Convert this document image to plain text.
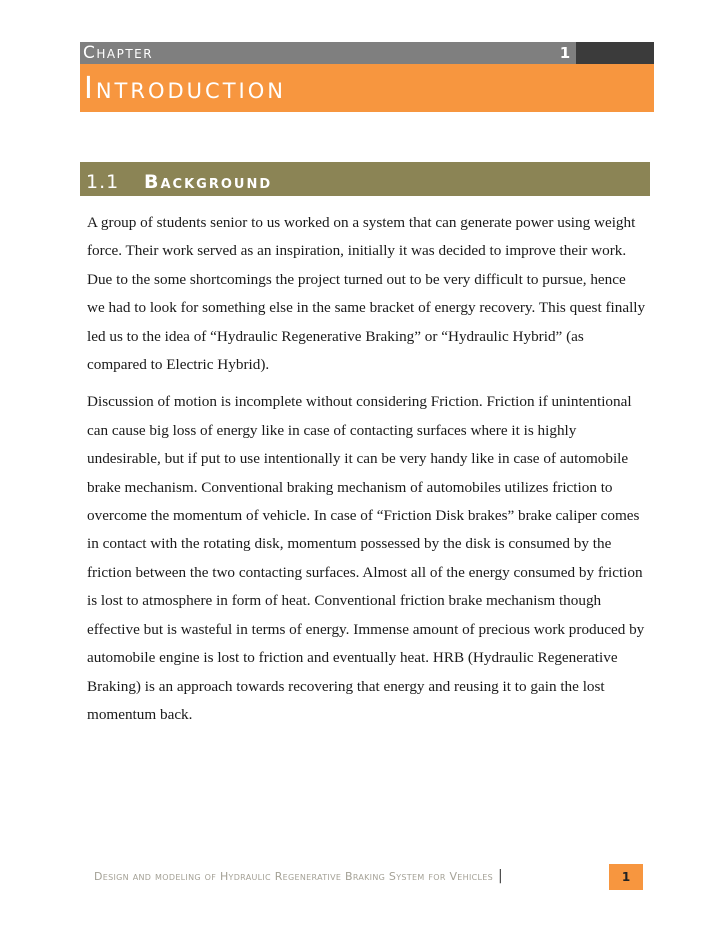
Chapter	1
Introduction
1.1	Background

A group of students senior to us worked on a system that can generate power using weight force. Their work served as an inspiration, initially it was decided to improve their work. Due to the some shortcomings the project turned out to be very difficult to pursue, hence we had to look for something else in the same bracket of energy recovery. This quest finally led us to the idea of “Hydraulic Regenerative Braking” or “Hydraulic Hybrid” (as compared to Electric Hybrid).

Discussion of motion is incomplete without considering Friction. Friction if unintentional can cause big loss of energy like in case of contacting surfaces where it is highly undesirable, but if put to use intentionally it can be very handy like in case of automobile brake mechanism. Conventional braking mechanism of automobiles utilizes friction to overcome the momentum of vehicle. In case of “Friction Disk brakes” brake caliper comes in contact with the rotating disk, momentum possessed by the disk is consumed by the friction between the two contacting surfaces. Almost all of the energy consumed by friction is lost to atmosphere in form of heat. Conventional friction brake mechanism though effective but is wasteful in terms of energy. Immense amount of precious work produced by automobile engine is lost to friction and eventually heat. HRB (Hydraulic Regenerative Braking) is an approach towards recovering that energy and reusing it to gain the lost momentum back.

Design and modeling of Hydraulic Regenerative Braking System for Vehicles |	1
